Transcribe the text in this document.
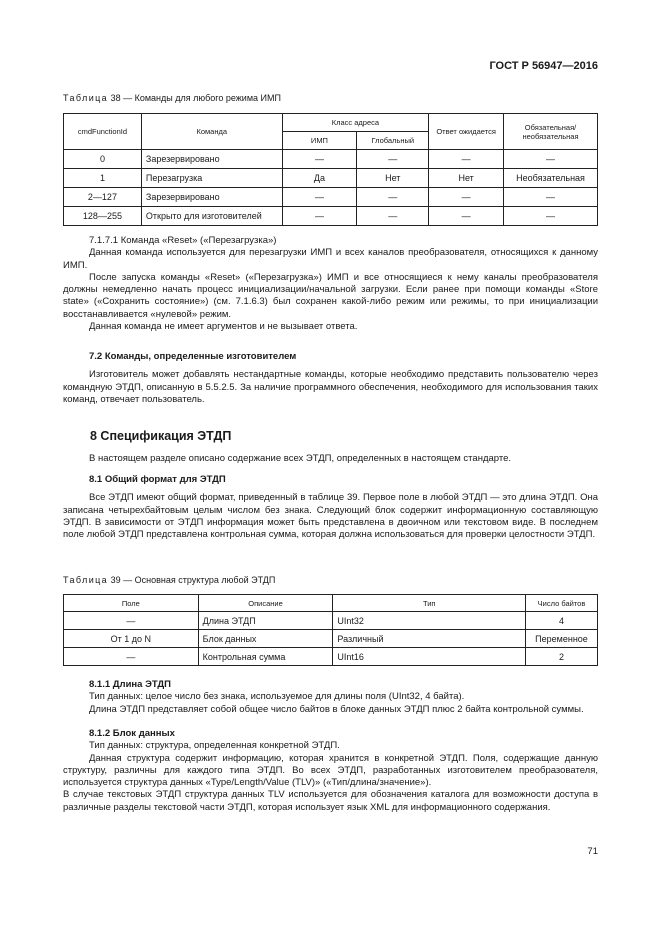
ГОСТ Р 56947—2016
Таблица 38 — Команды для любого режима ИМП
cmdFunctionId	Команда	Класс адреса		Ответ ожидается	Обязательная/ необязательная
		ИМП	Глобальный		
0	Зарезервировано	—	—	—	—
1	Перезагрузка	Да	Нет	Нет	Необязательная
2—127	Зарезервировано	—	—	—	—
128—255	Открыто для изготовителей	—	—	—	—

7.1.7.1 Команда «Reset» («Перезагрузка»)

Данная команда используется для перезагрузки ИМП и всех каналов преобразователя, относящихся к данному ИМП.

После запуска команды «Reset» («Перезагрузка») ИМП и все относящиеся к нему каналы преобразователя должны немедленно начать процесс инициализации/начальной загрузки. Если ранее при помощи команды «Store state» («Сохранить состояние») (см. 7.1.6.3) был сохранен какой-либо режим или режимы, то при инициализации восстанавливается «нулевой» режим.

Данная команда не имеет аргументов и не вызывает ответа.

7.2 Команды, определенные изготовителем

Изготовитель может добавлять нестандартные команды, которые необходимо представить пользователю через командную ЭТДП, описанную в 5.5.2.5. За наличие программного обеспечения, необходимого для использования таких команд, отвечает пользователь.

8 Спецификация ЭТДП

В настоящем разделе описано содержание всех ЭТДП, определенных в настоящем стандарте.

8.1 Общий формат для ЭТДП

Все ЭТДП имеют общий формат, приведенный в таблице 39. Первое поле в любой ЭТДП — это длина ЭТДП. Она записана четырехбайтовым целым числом без знака. Следующий блок содержит информационную составляющую ЭТДП. В зависимости от ЭТДП информация может быть представлена в двоичном или текстовом виде. В последнем поле любой ЭТДП представлена контрольная сумма, которая должна использоваться для проверки целостности ЭТДП.

Таблица 39 — Основная структура любой ЭТДП
Поле	Описание	Тип	Число байтов
—	Длина ЭТДП	UInt32	4
От 1 до N	Блок данных	Различный	Переменное
—	Контрольная сумма	UInt16	2

8.1.1 Длина ЭТДП

Тип данных: целое число без знака, используемое для длины поля (UInt32, 4 байта).

Длина ЭТДП представляет собой общее число байтов в блоке данных ЭТДП плюс 2 байта контрольной суммы.

8.1.2 Блок данных

Тип данных: структура, определенная конкретной ЭТДП.

Данная структура содержит информацию, которая хранится в конкретной ЭТДП. Поля, содержащие данную структуру, различны для каждого типа ЭТДП. Во всех ЭТДП, разработанных изготовителем преобразователя, используется структура данных «Type/Length/Value (TLV)» («Тип/длина/значение»).

В случае текстовых ЭТДП структура данных TLV используется для обозначения каталога для возможности доступа в различные разделы текстовой части ЭТДП, которая использует язык XML для информационного содержания.

71
